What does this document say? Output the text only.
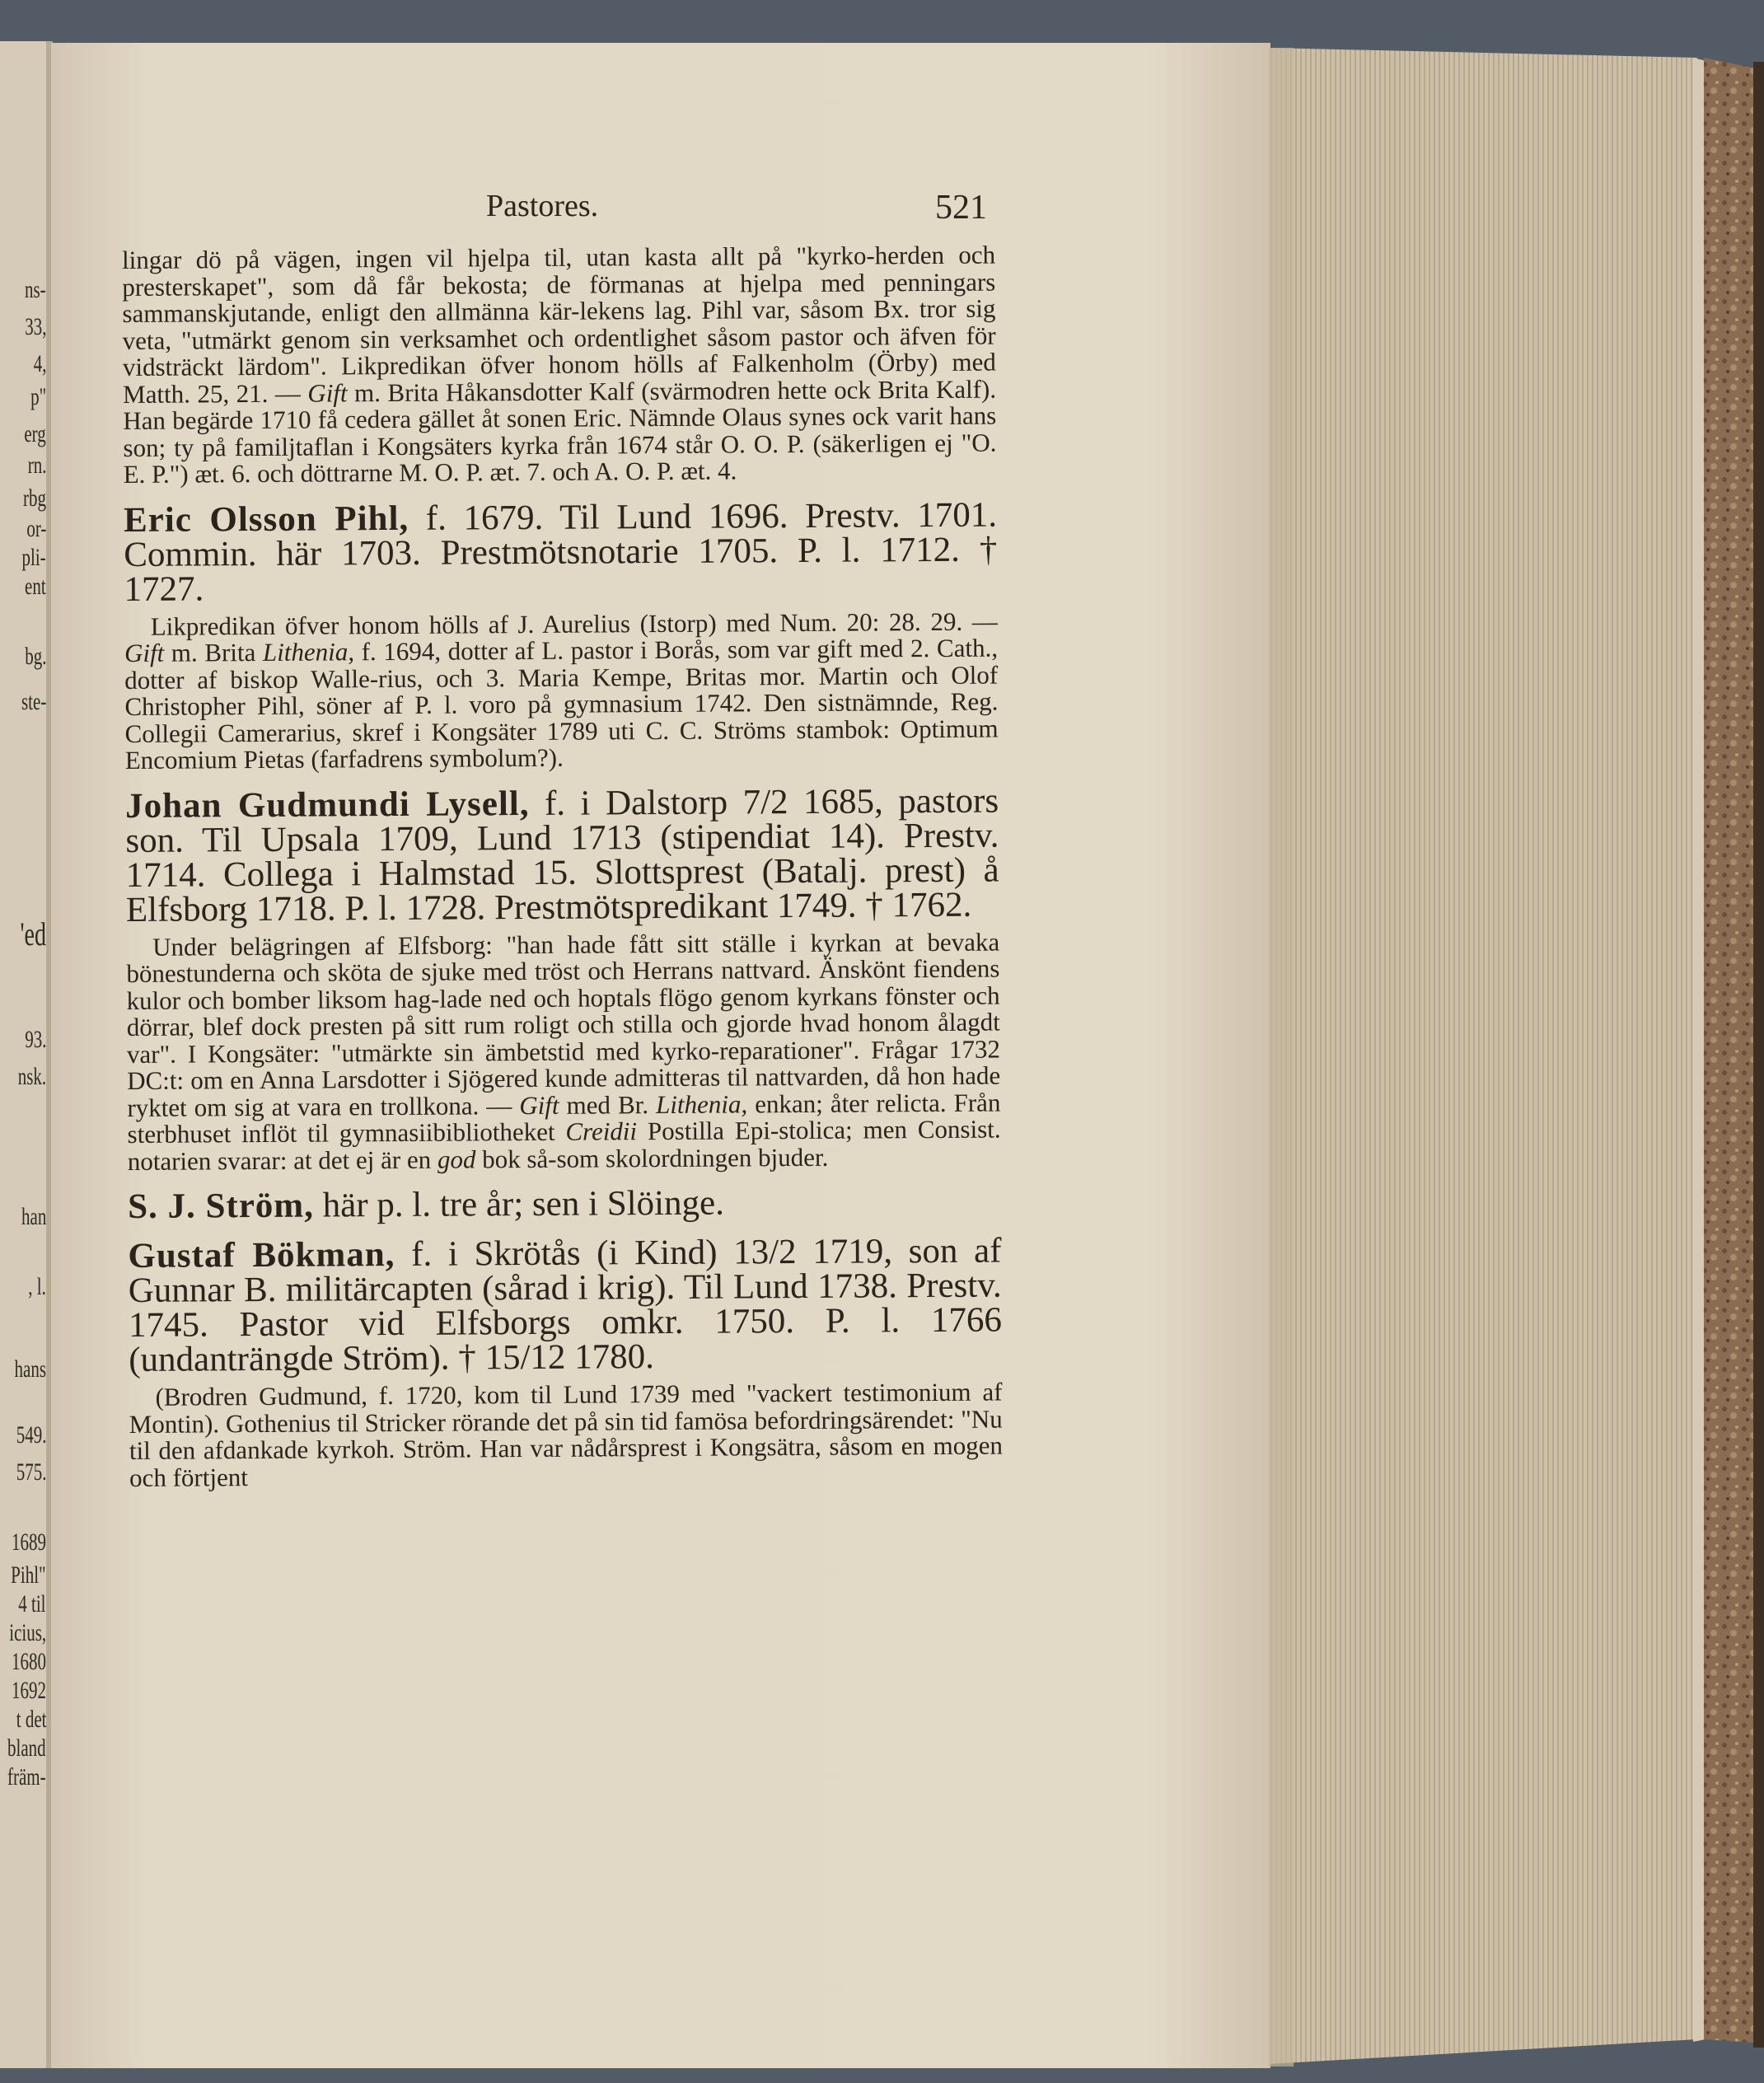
ns-
33,
4,
p"
erg
rn.
rbg
or-
pli-
ent
bg.
ste-
'ed
93.
nsk.
han
, l.
hans
549.
575.
1689
Pihl"
4 til
icius,
1680
1692
t det
bland
främ-
Pastores.	521

lingar dö på vägen, ingen vil hjelpa til, utan kasta allt på "kyrko-herden och presterskapet", som då får bekosta; de förmanas at hjelpa med penningars sammanskjutande, enligt den allmänna kär-lekens lag. Pihl var, såsom Bx. tror sig veta, "utmärkt genom sin verksamhet och ordentlighet såsom pastor och äfven för vidsträckt lärdom". Likpredikan öfver honom hölls af Falkenholm (Örby) med Matth. 25, 21. — Gift m. Brita Håkansdotter Kalf (svärmodren hette ock Brita Kalf). Han begärde 1710 få cedera gället åt sonen Eric. Nämnde Olaus synes ock varit hans son; ty på familjtaflan i Kongsäters kyrka från 1674 står O. O. P. (säkerligen ej "O. E. P.") æt. 6. och döttrarne M. O. P. æt. 7. och A. O. P. æt. 4.

Eric Olsson Pihl, f. 1679. Til Lund 1696. Prestv. 1701. Commin. här 1703. Prestmötsnotarie 1705. P. l. 1712. † 1727.

Likpredikan öfver honom hölls af J. Aurelius (Istorp) med Num. 20: 28. 29. — Gift m. Brita Lithenia, f. 1694, dotter af L. pastor i Borås, som var gift med 2. Cath., dotter af biskop Walle-rius, och 3. Maria Kempe, Britas mor. Martin och Olof Christopher Pihl, söner af P. l. voro på gymnasium 1742. Den sistnämnde, Reg. Collegii Camerarius, skref i Kongsäter 1789 uti C. C. Ströms stambok: Optimum Encomium Pietas (farfadrens symbolum?).

Johan Gudmundi Lysell, f. i Dalstorp 7/2 1685, pastors son. Til Upsala 1709, Lund 1713 (stipendiat 14). Prestv. 1714. Collega i Halmstad 15. Slottsprest (Batalj. prest) å Elfsborg 1718. P. l. 1728. Prestmötspredikant 1749. † 1762.

Under belägringen af Elfsborg: "han hade fått sitt ställe i kyrkan at bevaka bönestunderna och sköta de sjuke med tröst och Herrans nattvard. Änskönt fiendens kulor och bomber liksom hag-lade ned och hoptals flögo genom kyrkans fönster och dörrar, blef dock presten på sitt rum roligt och stilla och gjorde hvad honom ålagdt var". I Kongsäter: "utmärkte sin ämbetstid med kyrko-reparationer". Frågar 1732 DC:t: om en Anna Larsdotter i Sjögered kunde admitteras til nattvarden, då hon hade ryktet om sig at vara en trollkona. — Gift med Br. Lithenia, enkan; åter relicta. Från sterbhuset inflöt til gymnasiibibliotheket Creidii Postilla Epi-stolica; men Consist. notarien svarar: at det ej är en god bok så-som skolordningen bjuder.

S. J. Ström, här p. l. tre år; sen i Slöinge.

Gustaf Bökman, f. i Skrötås (i Kind) 13/2 1719, son af Gunnar B. militärcapten (sårad i krig). Til Lund 1738. Prestv. 1745. Pastor vid Elfsborgs omkr. 1750. P. l. 1766 (undanträngde Ström). † 15/12 1780.

(Brodren Gudmund, f. 1720, kom til Lund 1739 med "vackert testimonium af Montin). Gothenius til Stricker rörande det på sin tid famösa befordringsärendet: "Nu til den afdankade kyrkoh. Ström. Han var nådårsprest i Kongsätra, såsom en mogen och förtjent
